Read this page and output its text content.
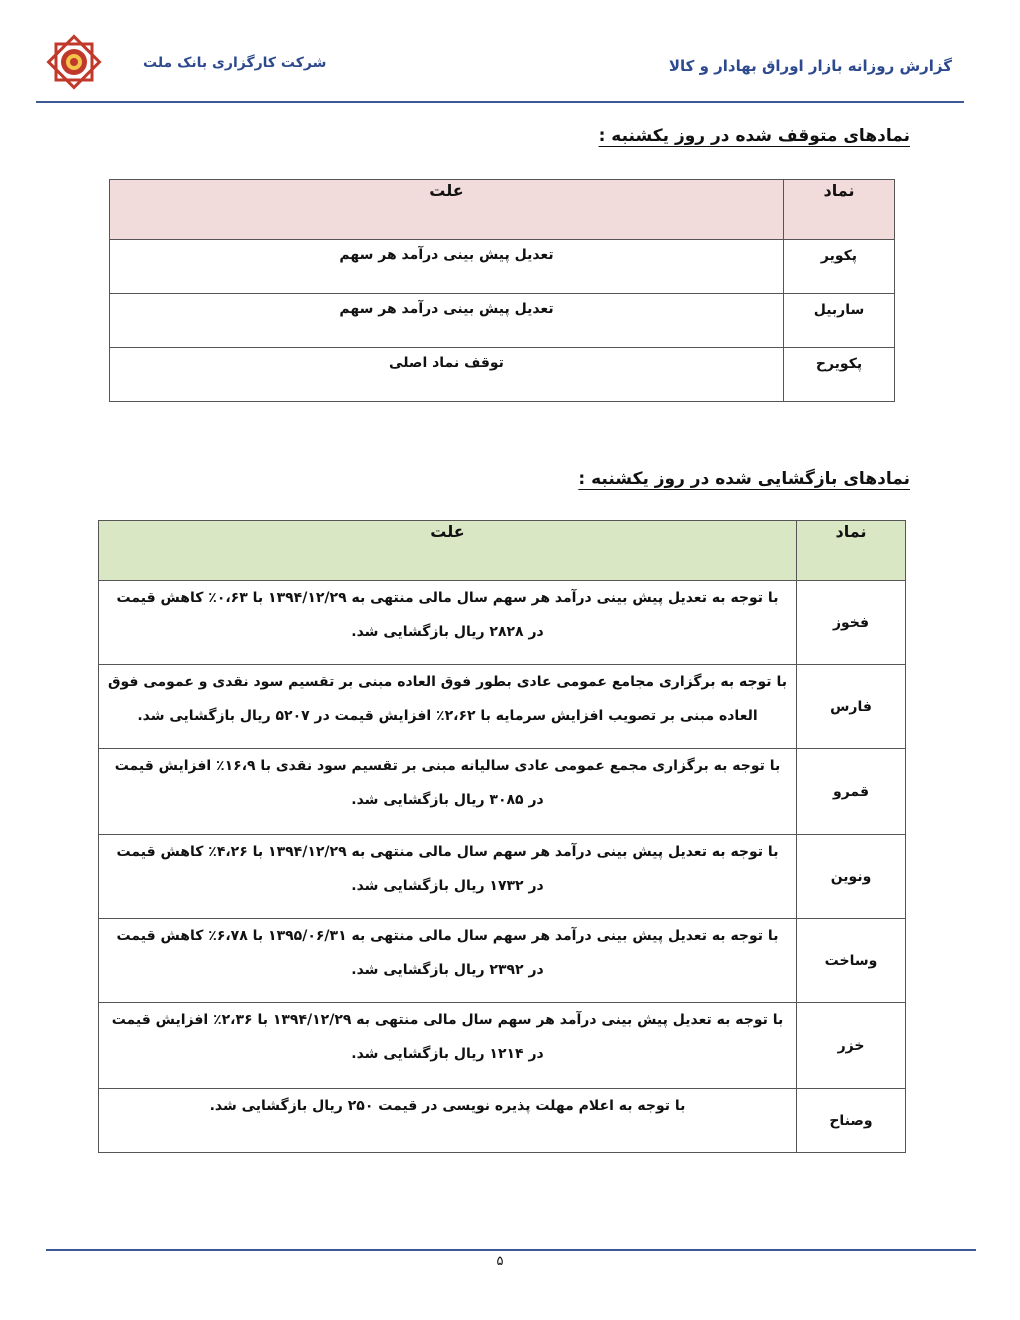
شرکت کارگزاری بانک ملت	گزارش روزانه بازار اوراق بهادار و کالا
نمادهای متوقف شده در روز یکشنبه :
نماد	علت
پکویر	تعدیل پیش بینی درآمد هر سهم
ساربیل	تعدیل پیش بینی درآمد هر سهم
پکویرح	توقف نماد اصلی
نمادهای بازگشایی شده در روز یکشنبه :
نماد	علت
فخوز	با توجه به تعدیل پیش بینی درآمد هر سهم سال مالی منتهی به ۱۳۹۴/۱۲/۲۹ با ۰،۶۳٪ کاهش قیمت در ۲۸۲۸ ریال بازگشایی شد.
فارس	با توجه به برگزاری مجامع عمومی عادی بطور فوق العاده مبنی بر تقسیم سود نقدی و عمومی فوق العاده مبنی بر تصویب افزایش سرمایه با ۲،۶۲٪ افزایش قیمت در ۵۲۰۷ ریال بازگشایی شد.
قمرو	با توجه به برگزاری مجمع عمومی عادی سالیانه مبنی بر تقسیم سود نقدی با ۱۶،۹٪ افزایش قیمت در ۳۰۸۵ ریال بازگشایی شد.
ونوین	با توجه به تعدیل پیش بینی درآمد هر سهم سال مالی منتهی به ۱۳۹۴/۱۲/۲۹ با ۴،۲۶٪ کاهش قیمت در ۱۷۳۲ ریال بازگشایی شد.
وساخت	با توجه به تعدیل پیش بینی درآمد هر سهم سال مالی منتهی به ۱۳۹۵/۰۶/۳۱ با ۶،۷۸٪ کاهش قیمت در ۲۳۹۲ ریال بازگشایی شد.
خزر	با توجه به تعدیل پیش بینی درآمد هر سهم سال مالی منتهی به ۱۳۹۴/۱۲/۲۹ با ۲،۳۶٪ افزایش قیمت در ۱۲۱۴ ریال بازگشایی شد.
وصناح	با توجه به اعلام مهلت پذیره نویسی در قیمت ۲۵۰ ریال بازگشایی شد.
۵
